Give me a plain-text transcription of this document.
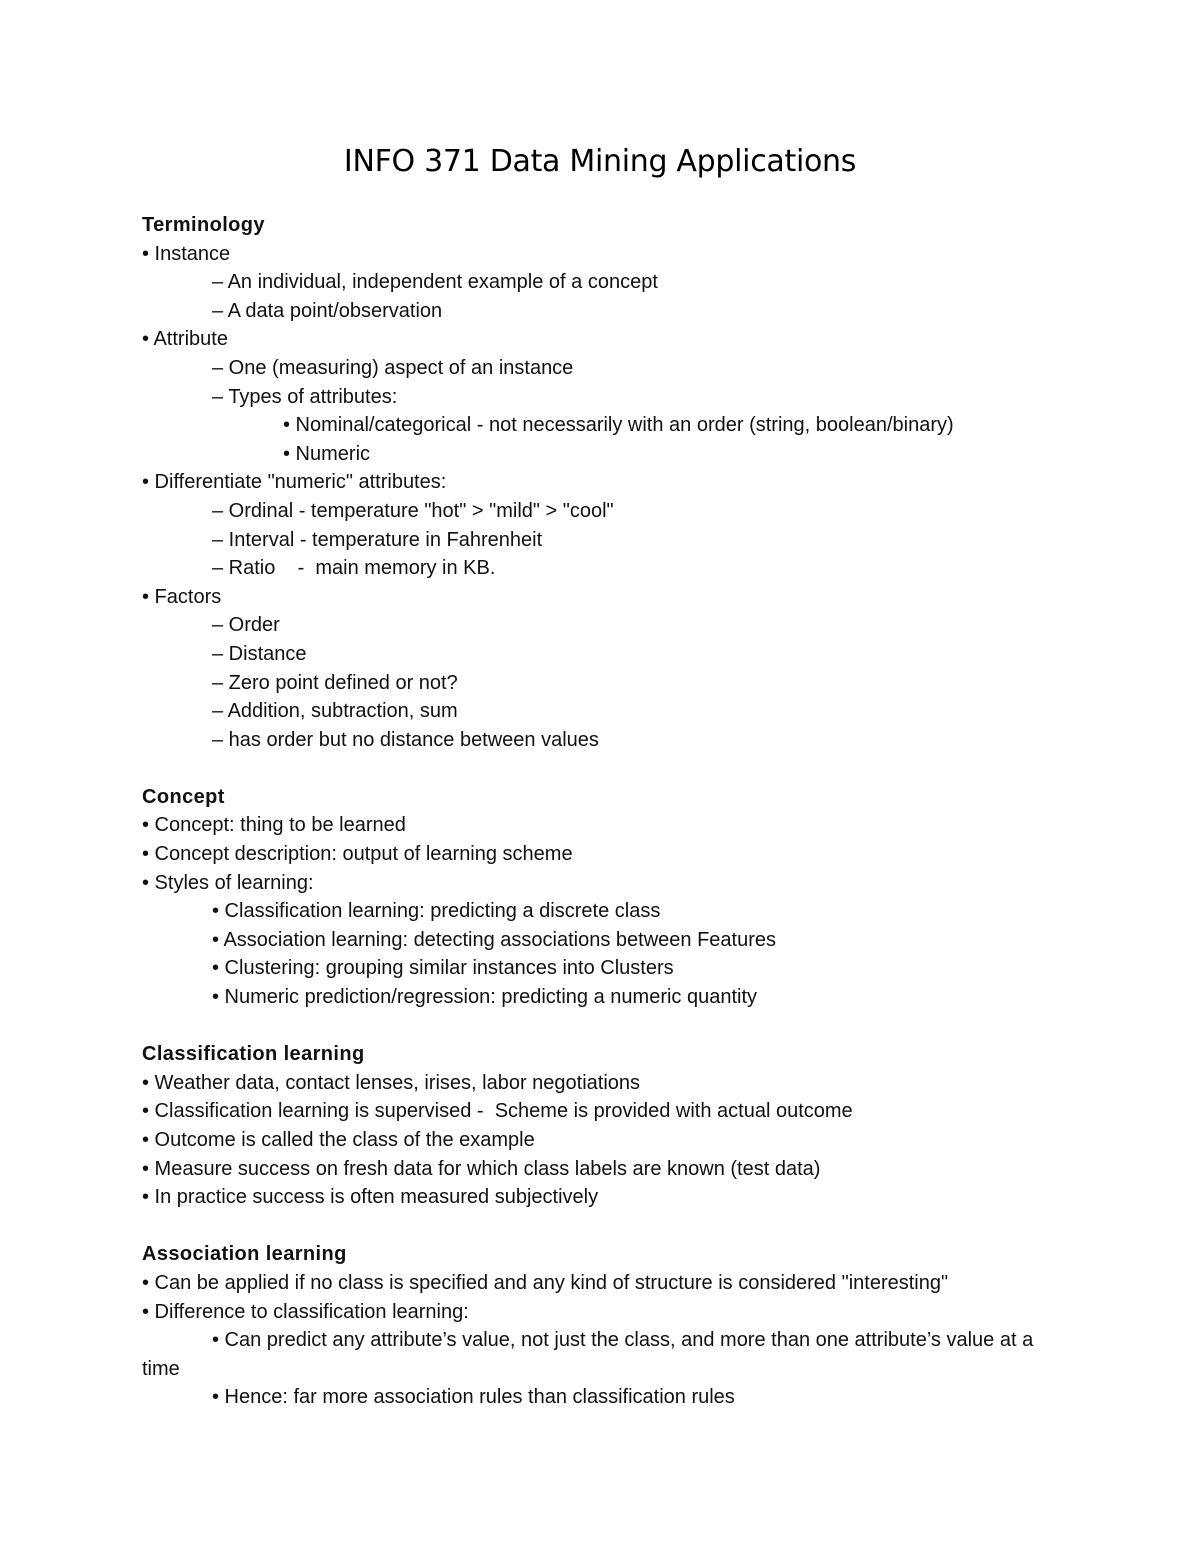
INFO 371 Data Mining Applications

Terminology

• Instance

– An individual, independent example of a concept

– A data point/observation

• Attribute

– One (measuring) aspect of an instance

– Types of attributes:

• Nominal/categorical - not necessarily with an order (string, boolean/binary)

• Numeric

• Differentiate "numeric" attributes:

– Ordinal - temperature "hot" > "mild" > "cool"

– Interval - temperature in Fahrenheit

– Ratio    -  main memory in KB.

• Factors

– Order

– Distance

– Zero point defined or not?

– Addition, subtraction, sum

– has order but no distance between values

Concept

• Concept: thing to be learned

• Concept description: output of learning scheme

• Styles of learning:

• Classification learning: predicting a discrete class

• Association learning: detecting associations between Features

• Clustering: grouping similar instances into Clusters

• Numeric prediction/regression: predicting a numeric quantity

Classification learning

• Weather data, contact lenses, irises, labor negotiations

• Classification learning is supervised -  Scheme is provided with actual outcome

• Outcome is called the class of the example

• Measure success on fresh data for which class labels are known (test data)

• In practice success is often measured subjectively

Association learning

• Can be applied if no class is specified and any kind of structure is considered "interesting"

• Difference to classification learning:

• Can predict any attribute’s value, not just the class, and more than one attribute’s value at a time

• Hence: far more association rules than classification rules
